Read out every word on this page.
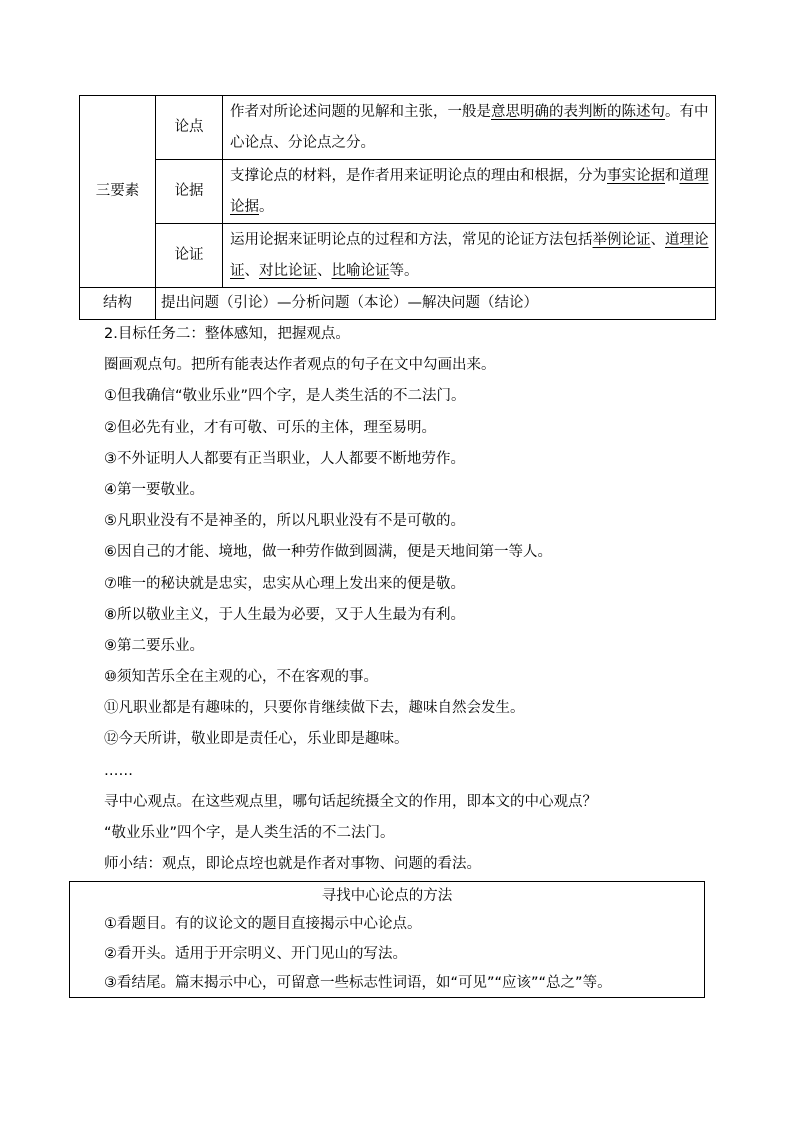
三要素	论点	作者对所论述问题的见解和主张，一般是意思明确的表判断的陈述句。有中心论点、分论点之分。
	论据	支撑论点的材料，是作者用来证明论点的理由和根据，分为事实论据和道理论据。
	论证	运用论据来证明论点的过程和方法，常见的论证方法包括举例论证、道理论证、对比论证、比喻论证等。
结构	提出问题（引论）—分析问题（本论）—解决问题（结论）	
2.目标任务二：整体感知，把握观点。
圈画观点句。把所有能表达作者观点的句子在文中勾画出来。
①但我确信“敬业乐业”四个字，是人类生活的不二法门。
②但必先有业，才有可敬、可乐的主体，理至易明。
③不外证明人人都要有正当职业，人人都要不断地劳作。
④第一要敬业。
⑤凡职业没有不是神圣的，所以凡职业没有不是可敬的。
⑥因自己的才能、境地，做一种劳作做到圆满，便是天地间第一等人。
⑦唯一的秘诀就是忠实，忠实从心理上发出来的便是敬。
⑧所以敬业主义，于人生最为必要，又于人生最为有利。
⑨第二要乐业。
⑩须知苦乐全在主观的心，不在客观的事。
⑪凡职业都是有趣味的，只要你肯继续做下去，趣味自然会发生。
⑫今天所讲，敬业即是责任心，乐业即是趣味。
……
寻中心观点。在这些观点里，哪句话起统摄全文的作用，即本文的中心观点？
“敬业乐业”四个字，是人类生活的不二法门。
师小结：观点，即论点埪也就是作者对事物、问题的看法。
寻找中心论点的方法
①看题目。有的议论文的题目直接揭示中心论点。
②看开头。适用于开宗明义、开门见山的写法。
③看结尾。篇末揭示中心，可留意一些标志性词语，如“可见”“应该”“总之”等。
